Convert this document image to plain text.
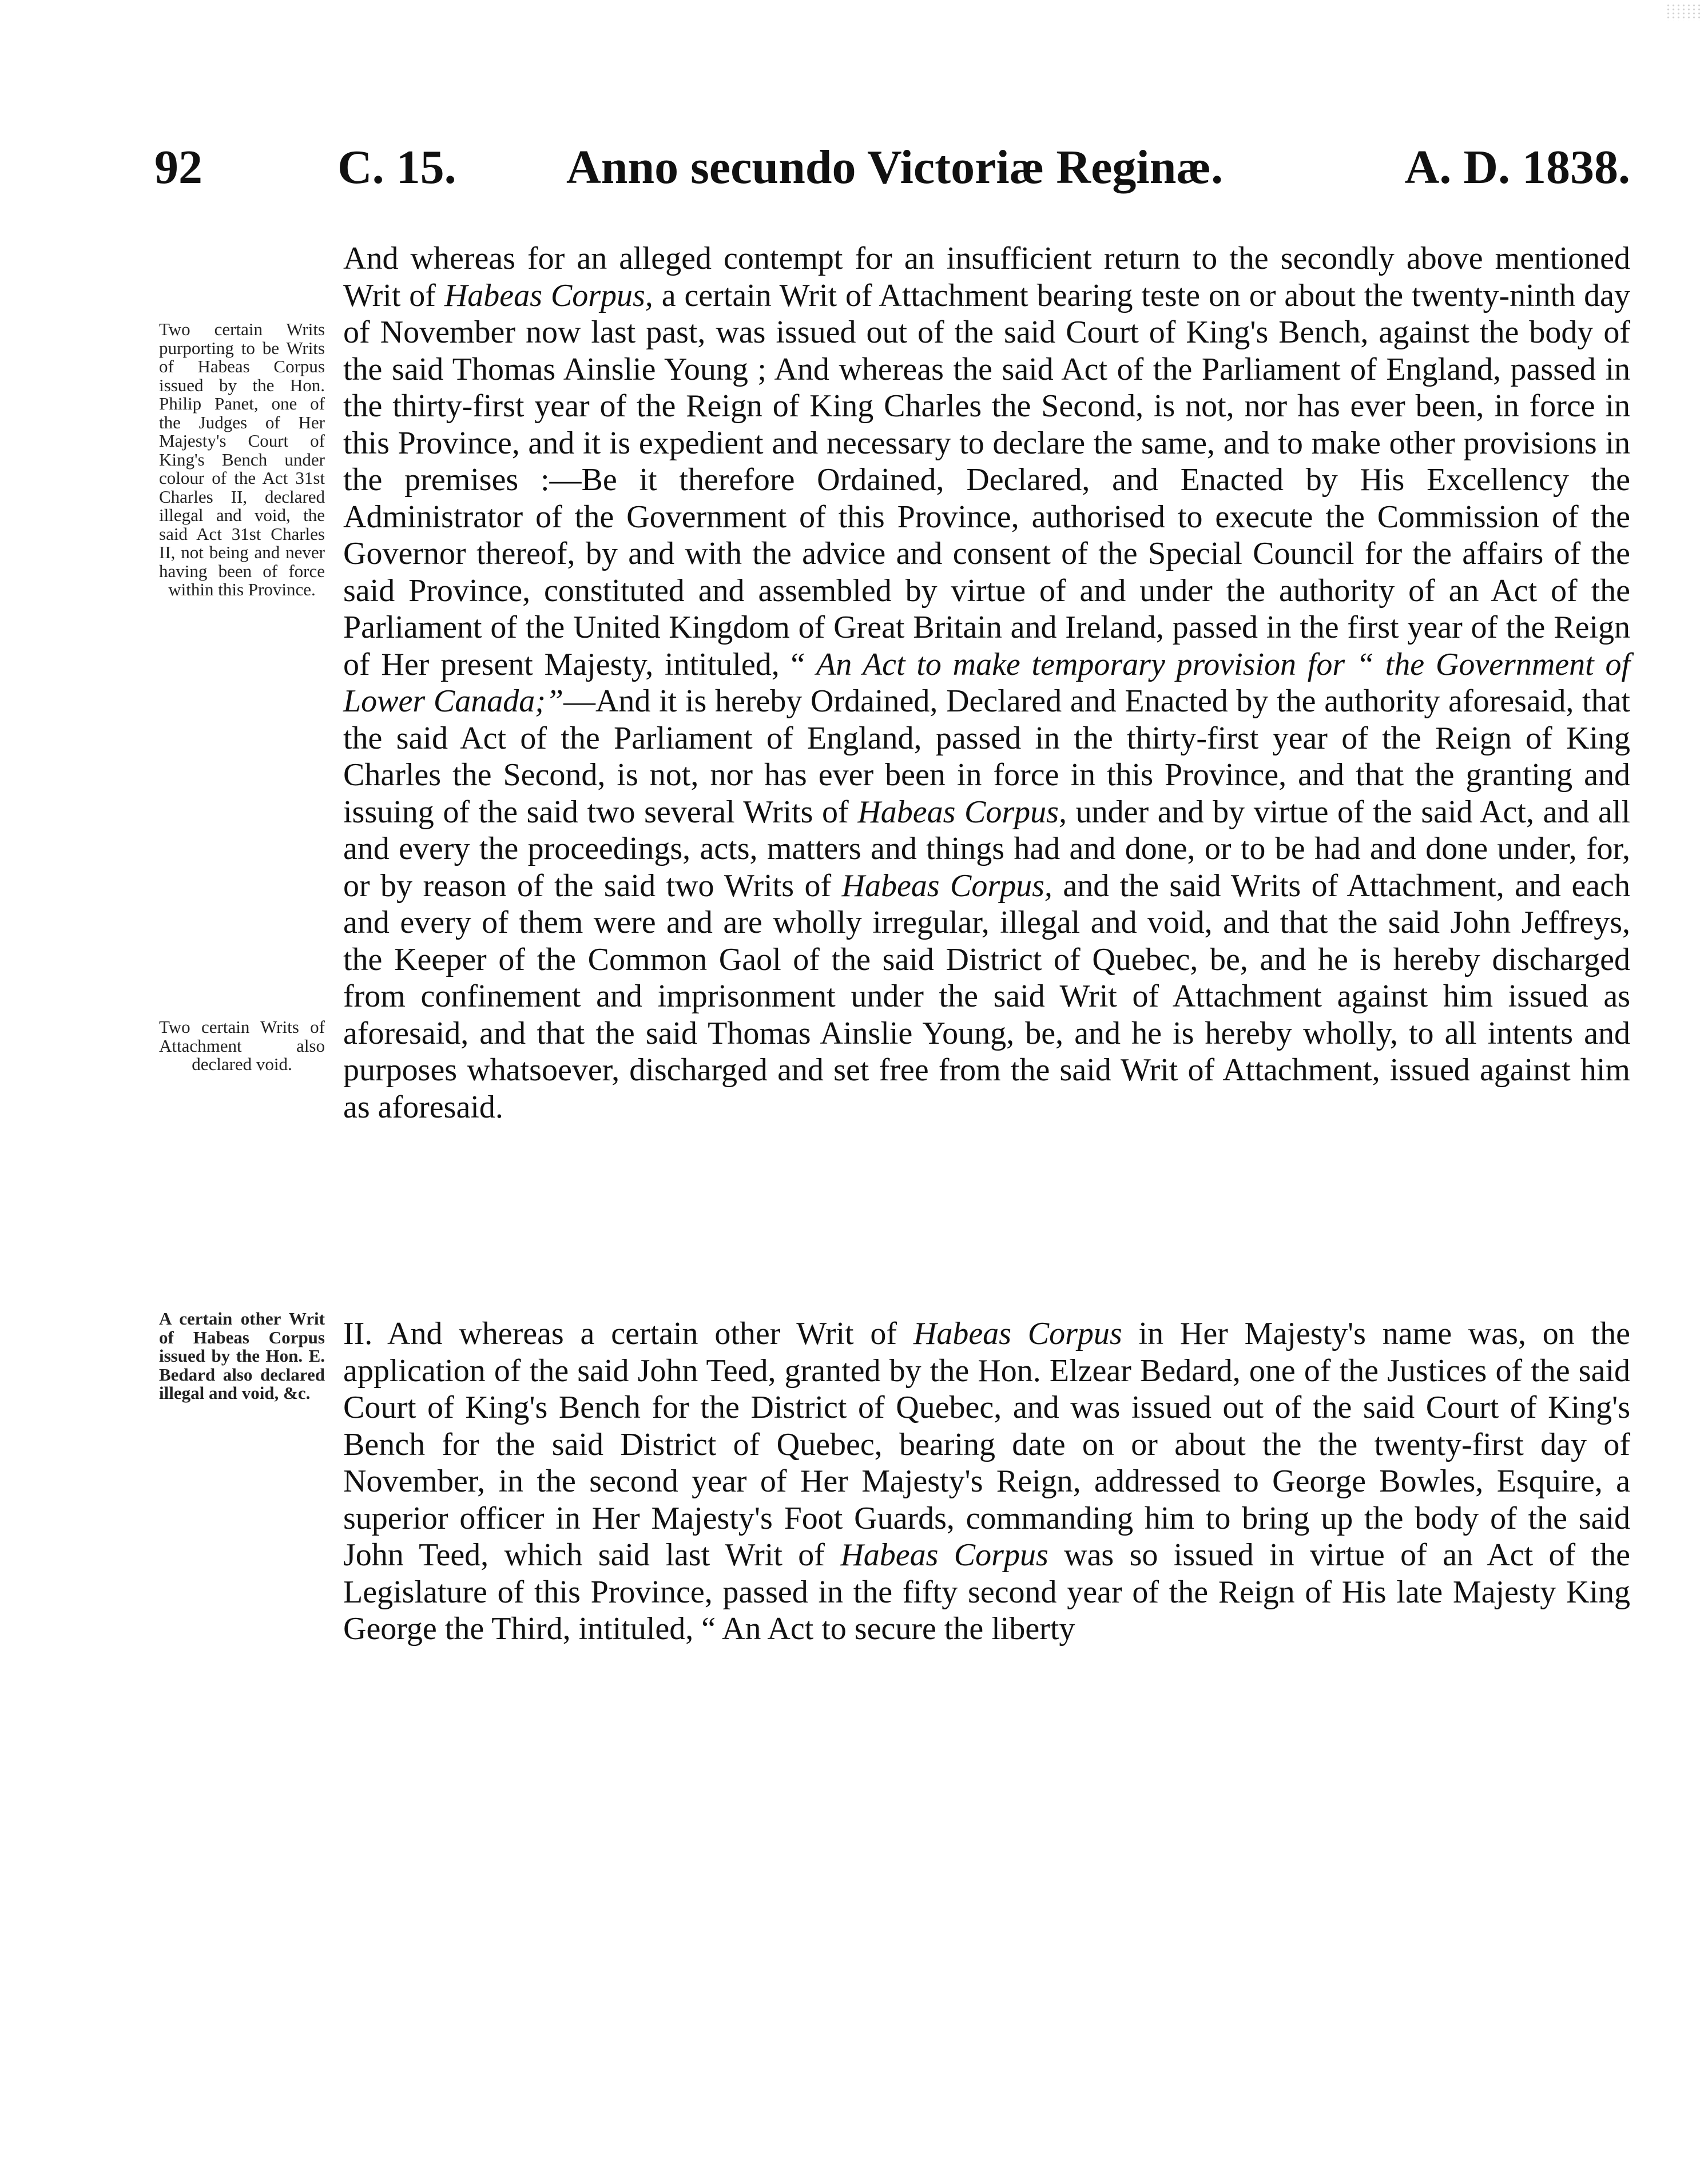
92	C. 15. Anno secundo Victoriæ Reginæ.	A. D. 1838.
Two certain Writs purporting to be Writs of Habeas Corpus issued by the Hon. Philip Panet, one of the Judges of Her Majesty's Court of King's Bench under colour of the Act 31st Charles II, declared illegal and void, the said Act 31st Charles II, not being and never having been of force within this Province.
Two certain Writs of Attachment also declared void.
A certain other Writ of Habeas Corpus issued by the Hon. E. Bedard also declared illegal and void, &c.
And whereas for an alleged contempt for an insufficient return to the secondly above mentioned Writ of Habeas Corpus, a certain Writ of Attachment bearing teste on or about the twenty-ninth day of November now last past, was issued out of the said Court of King's Bench, against the body of the said Thomas Ainslie Young ; And whereas the said Act of the Parliament of England, passed in the thirty-first year of the Reign of King Charles the Second, is not, nor has ever been, in force in this Province, and it is expedient and necessary to declare the same, and to make other provisions in the premises :—Be it therefore Ordained, Declared, and Enacted by His Excellency the Administrator of the Government of this Province, authorised to execute the Commission of the Governor thereof, by and with the advice and consent of the Special Council for the affairs of the said Province, constituted and assembled by virtue of and under the authority of an Act of the Parliament of the United Kingdom of Great Britain and Ireland, passed in the first year of the Reign of Her present Majesty, intituled, “ An Act to make temporary provision for “ the Government of Lower Canada;”—And it is hereby Ordained, Declared and Enacted by the authority aforesaid, that the said Act of the Parliament of England, passed in the thirty-first year of the Reign of King Charles the Second, is not, nor has ever been in force in this Province, and that the granting and issuing of the said two several Writs of Habeas Corpus, under and by virtue of the said Act, and all and every the proceedings, acts, matters and things had and done, or to be had and done under, for, or by reason of the said two Writs of Habeas Corpus, and the said Writs of Attachment, and each and every of them were and are wholly irregular, illegal and void, and that the said John Jeffreys, the Keeper of the Common Gaol of the said District of Quebec, be, and he is hereby discharged from confinement and imprisonment under the said Writ of Attachment against him issued as aforesaid, and that the said Thomas Ainslie Young, be, and he is hereby wholly, to all intents and purposes whatsoever, discharged and set free from the said Writ of Attachment, issued against him as aforesaid.
II. And whereas a certain other Writ of Habeas Corpus in Her Majesty's name was, on the application of the said John Teed, granted by the Hon. Elzear Bedard, one of the Justices of the said Court of King's Bench for the District of Quebec, and was issued out of the said Court of King's Bench for the said District of Quebec, bearing date on or about the the twenty-first day of November, in the second year of Her Majesty's Reign, addressed to George Bowles, Esquire, a superior officer in Her Majesty's Foot Guards, commanding him to bring up the body of the said John Teed, which said last Writ of Habeas Corpus was so issued in virtue of an Act of the Legislature of this Province, passed in the fifty second year of the Reign of His late Majesty King George the Third, intituled, “ An Act to secure the liberty
